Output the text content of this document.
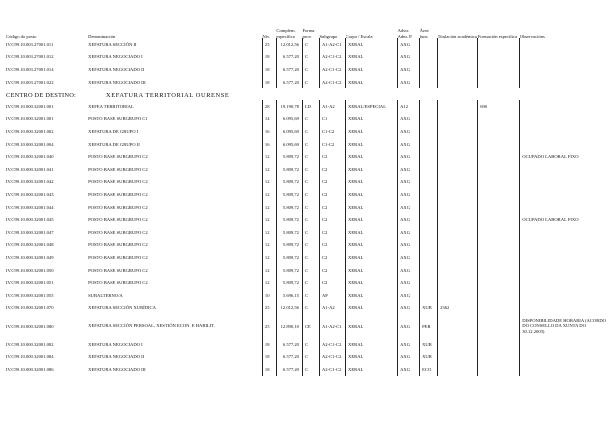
Código do posto	Denominación	Niv.	Complem. específico	Forma prov.	Subgrupo	Corpo / Escala	Adscr. Adm. P.	Área func.	Titulación académica	Formación específica	Observacións
IV.C99.10.003.27001.011	XEFATURA SECCIÓN II	25	12.012,56	C	A1-A2-C1	XERAL	AXG				
IV.C99.10.003.27001.012	XEFATURA NEGOCIADO I	18	6.577,20	C	A2-C1-C2	XERAL	AXG				
IV.C99.10.003.27001.014	XEFATURA NEGOCIADO II	18	6.577,20	C	A2-C1-C2	XERAL	AXG				
IV.C99.10.003.27001.022	XEFATURA NEGOCIADO III	18	6.577,20	C	A2-C1-C2	XERAL	AXG				
CENTRO DE DESTINO:	XEFATURA TERRITORIAL OURENSE
IV.C99.10.000.32001.001	XEFEA TERRITORIAL	28	19.190,78	LD	A1-A2	XERAL/ESPECIAL	A12			690	
IV.C99.10.000.32001.001	POSTO BASE SUBGRUPO C1	14	6.095,69	C	C1	XERAL	AXG				
IV.C99.10.000.32001.002	XEFATURA DE GRUPO I	16	6.095,69	C	C1-C2	XERAL	AXG				
IV.C99.10.000.32001.004	XEFATURA DE GRUPO II	16	6.095,69	C	C1-C2	XERAL	AXG				
IV.C99.10.000.32001.040	POSTO BASE SUBGRUPO C2	12	5.809,72	C	C2	XERAL	AXG				OCUPADO LABORAL FIXO
IV.C99.10.000.32001.041	POSTO BASE SUBGRUPO C2	12	5.809,72	C	C2	XERAL	AXG				
IV.C99.10.000.32001.042	POSTO BASE SUBGRUPO C2	12	5.809,72	C	C2	XERAL	AXG				
IV.C99.10.000.32001.043	POSTO BASE SUBGRUPO C2	12	5.809,72	C	C2	XERAL	AXG				
IV.C99.10.000.32001.044	POSTO BASE SUBGRUPO C2	12	5.809,72	C	C2	XERAL	AXG				
IV.C99.10.000.32001.045	POSTO BASE SUBGRUPO C2	12	5.809,72	C	C2	XERAL	AXG				OCUPADO LABORAL FIXO
IV.C99.10.000.32001.047	POSTO BASE SUBGRUPO C2	12	5.809,72	C	C2	XERAL	AXG				
IV.C99.10.000.32001.048	POSTO BASE SUBGRUPO C2	12	5.809,72	C	C2	XERAL	AXG				
IV.C99.10.000.32001.049	POSTO BASE SUBGRUPO C2	12	5.809,72	C	C2	XERAL	AXG				
IV.C99.10.000.32001.050	POSTO BASE SUBGRUPO C2	12	5.809,72	C	C2	XERAL	AXG				
IV.C99.10.000.32001.051	POSTO BASE SUBGRUPO C2	12	5.809,72	C	C2	XERAL	AXG				
IV.C99.10.000.32001.055	SUBALTERNO/A	10	5.696,15	C	AP	XERAL	AXG				
IV.C99.10.000.32001.070	XEFATURA SECCIÓN XURÍDICA	25	12.012,56	C	A1-A2	XERAL	AXG	XUR	2362		
IV.C99.10.000.32001.080	XEFATURA SECCIÓN PERSOAL, XESTIÓN ECON. E HABILIT.	25	12.890,10	CE	A1-A2-C1	XERAL	AXG	PER			DISPONIBILIDADE HORARIA (ACORDO DO CONSELLO DA XUNTA DO 30.12.2003)
IV.C99.10.000.32001.082	XEFATURA NEGOCIADO I	18	6.577,20	C	A2-C1-C2	XERAL	AXG	XUR			
IV.C99.10.000.32001.084	XEFATURA NEGOCIADO II	18	6.577,20	C	A2-C1-C2	XERAL	AXG	XUR			
IV.C99.10.000.32001.086	XEFATURA NEGOCIADO III	18	6.577,20	C	A2-C1-C2	XERAL	AXG	ECO			
